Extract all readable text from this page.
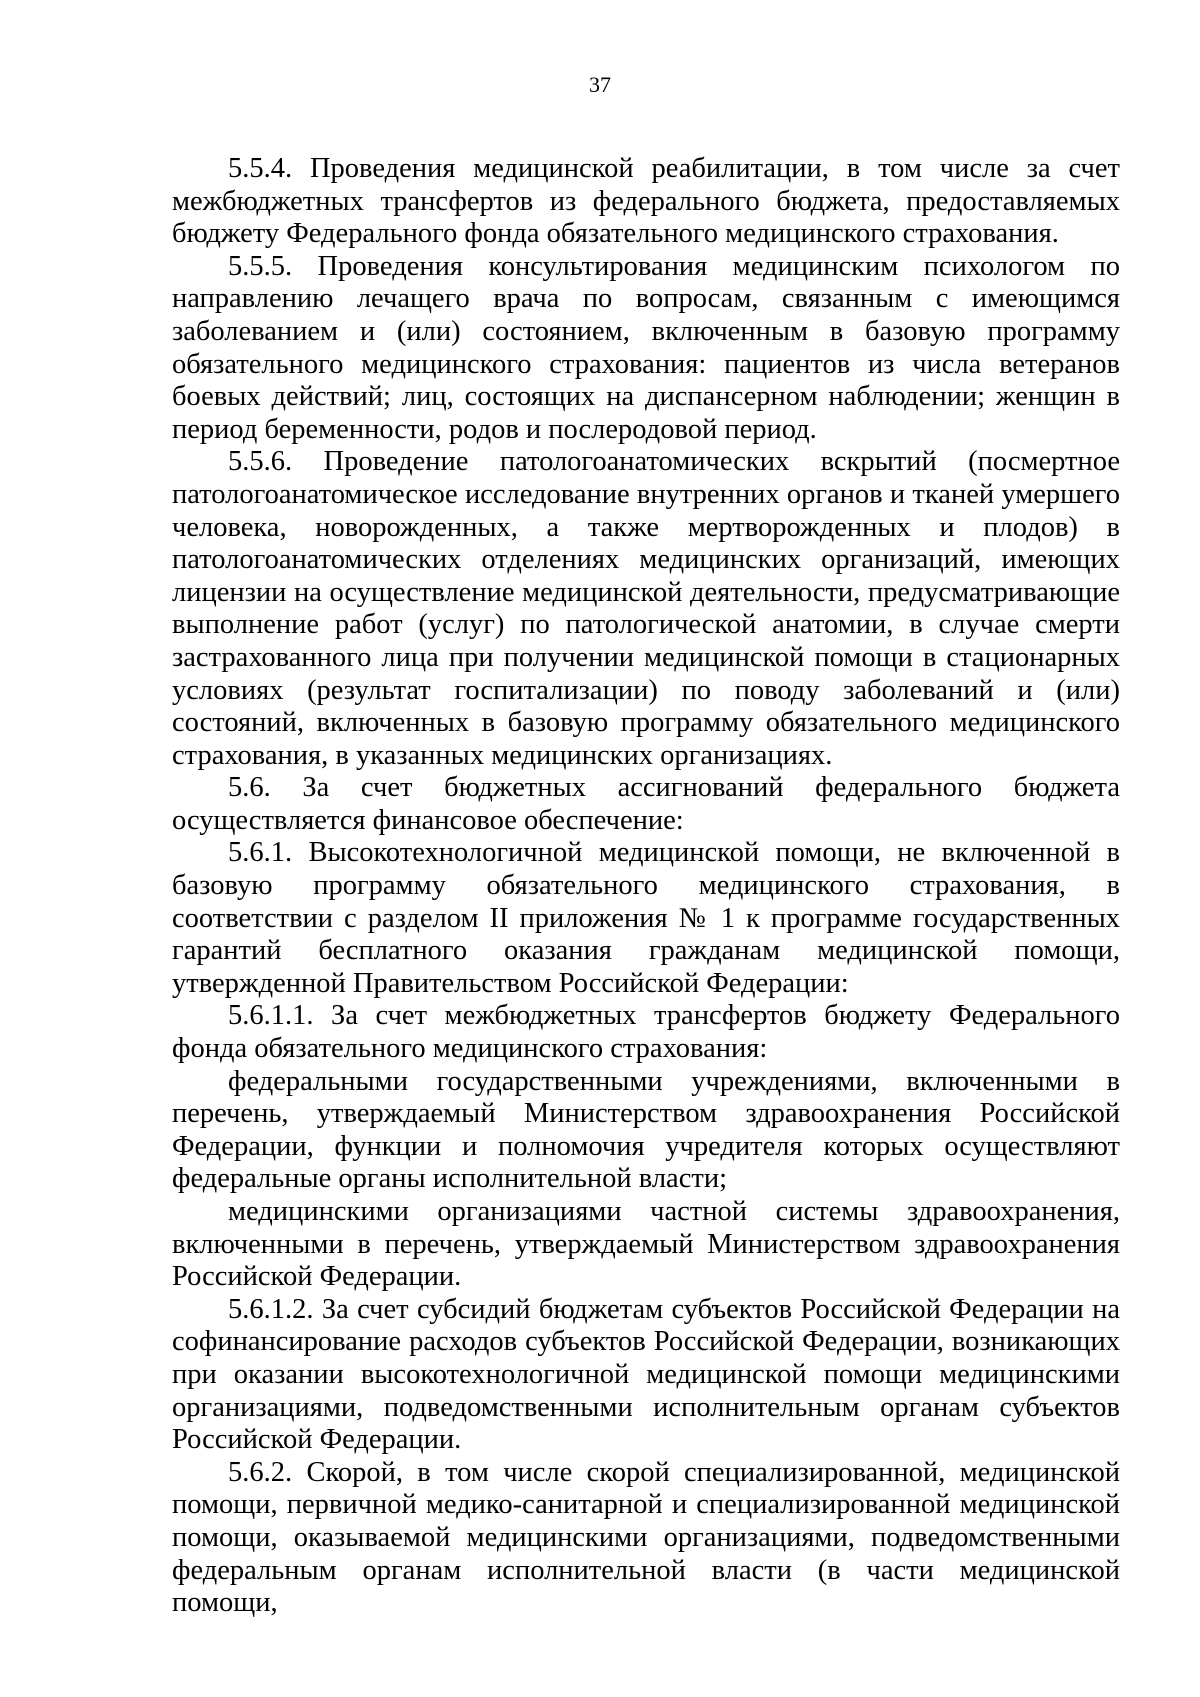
37

5.5.4. Проведения медицинской реабилитации, в том числе за счет межбюджетных трансфертов из федерального бюджета, предоставляемых бюджету Федерального фонда обязательного медицинского страхования.

5.5.5. Проведения консультирования медицинским психологом по направлению лечащего врача по вопросам, связанным с имеющимся заболеванием и (или) состоянием, включенным в базовую программу обязательного медицинского страхования: пациентов из числа ветеранов боевых действий; лиц, состоящих на диспансерном наблюдении; женщин в период беременности, родов и послеродовой период.

5.5.6. Проведение патологоанатомических вскрытий (посмертное патологоанатомическое исследование внутренних органов и тканей умершего человека, новорожденных, а также мертворожденных и плодов) в патологоанатомических отделениях медицинских организаций, имеющих лицензии на осуществление медицинской деятельности, предусматривающие выполнение работ (услуг) по патологической анатомии, в случае смерти застрахованного лица при получении медицинской помощи в стационарных условиях (результат госпитализации) по поводу заболеваний и (или) состояний, включенных в базовую программу обязательного медицинского страхования, в указанных медицинских организациях.

5.6. За счет бюджетных ассигнований федерального бюджета осуществляется финансовое обеспечение:

5.6.1. Высокотехнологичной медицинской помощи, не включенной в базовую программу обязательного медицинского страхования, в соответствии с разделом II приложения № 1 к программе государственных гарантий бесплатного оказания гражданам медицинской помощи, утвержденной Правительством Российской Федерации:

5.6.1.1. За счет межбюджетных трансфертов бюджету Федерального фонда обязательного медицинского страхования:

федеральными государственными учреждениями, включенными в перечень, утверждаемый Министерством здравоохранения Российской Федерации, функции и полномочия учредителя которых осуществляют федеральные органы исполнительной власти;

медицинскими организациями частной системы здравоохранения, включенными в перечень, утверждаемый Министерством здравоохранения Российской Федерации.

5.6.1.2. За счет субсидий бюджетам субъектов Российской Федерации на софинансирование расходов субъектов Российской Федерации, возникающих при оказании высокотехнологичной медицинской помощи медицинскими организациями, подведомственными исполнительным органам субъектов Российской Федерации.

5.6.2. Скорой, в том числе скорой специализированной, медицинской помощи, первичной медико-санитарной и специализированной медицинской помощи, оказываемой медицинскими организациями, подведомственными федеральным органам исполнительной власти (в части медицинской помощи,
